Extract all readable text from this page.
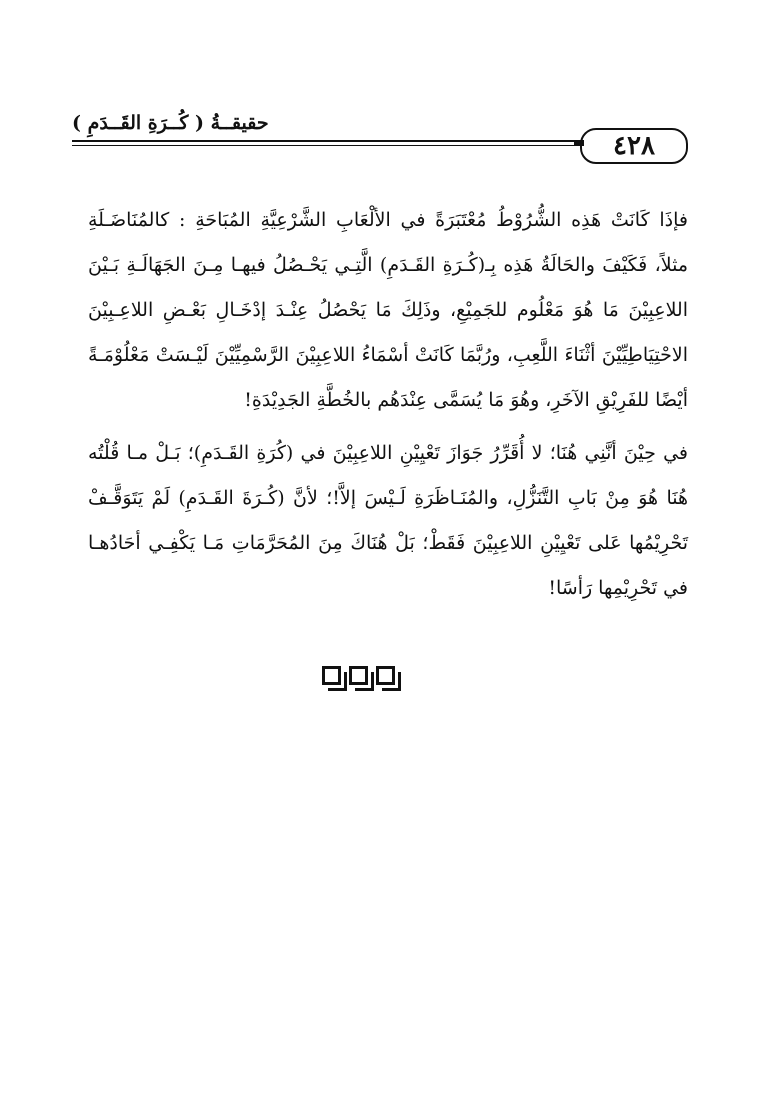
حقيقــةُ ( كُــرَةِ القَــدَمِ )
٤٢٨

فإذَا كَانَتْ هَذِه الشُّرُوْطُ مُعْتَبَرَةً في الألْعَابِ الشَّرْعِيَّةِ المُبَاحَةِ : كالمُنَاضَـلَةِ مثلاً، فَكَيْفَ والحَالَةُ هَذِه بِـ(كُـرَةِ القَـدَمِ) الَّتِـي يَحْـصُلُ فيهـا مِـنَ الجَهَالَـةِ بَـيْنَ اللاعِبِيْنَ مَا هُوَ مَعْلُوم للجَمِيْعِ، وذَلِكَ مَا يَحْصُلُ عِنْـدَ إدْخَـالِ بَعْـضِ اللاعِـبِيْنَ الاحْتِيَاطِيِّيْنَ أثْنَاءَ اللَّعِبِ، ورُبَّمَا كَانَتْ أسْمَاءُ اللاعِبِيْنَ الرَّسْمِيِّيْنَ لَيْـسَتْ مَعْلُوْمَـةً أيْضًا للفَرِيْقِ الآخَرِ، وهُوَ مَا يُسَمَّى عِنْدَهُم بالخُطَّةِ الجَدِيْدَةِ!

في حِيْنَ أنَّنِي هُنَا؛ لا أُقَرِّرُ جَوَازَ تَعْيِيْنِ اللاعِبِيْنَ في (كُرَةِ القَـدَمِ)؛ بَـلْ مـا قُلْتُه هُنَا هُوَ مِنْ بَابِ التَّنَزُّلِ، والمُنَـاظَرَةِ لَـيْسَ إلاَّ!؛ لأنَّ (كُـرَةَ القَـدَمِ) لَمْ يَتَوَقَّـفْ تَحْرِيْمُها عَلى تَعْيِيْنِ اللاعِبِيْنَ فَقَطْ؛ بَلْ هُنَاكَ مِنَ المُحَرَّمَاتِ مَـا يَكْفِـي أحَادُهـا في تَحْرِيْمِها رَأسًا!
